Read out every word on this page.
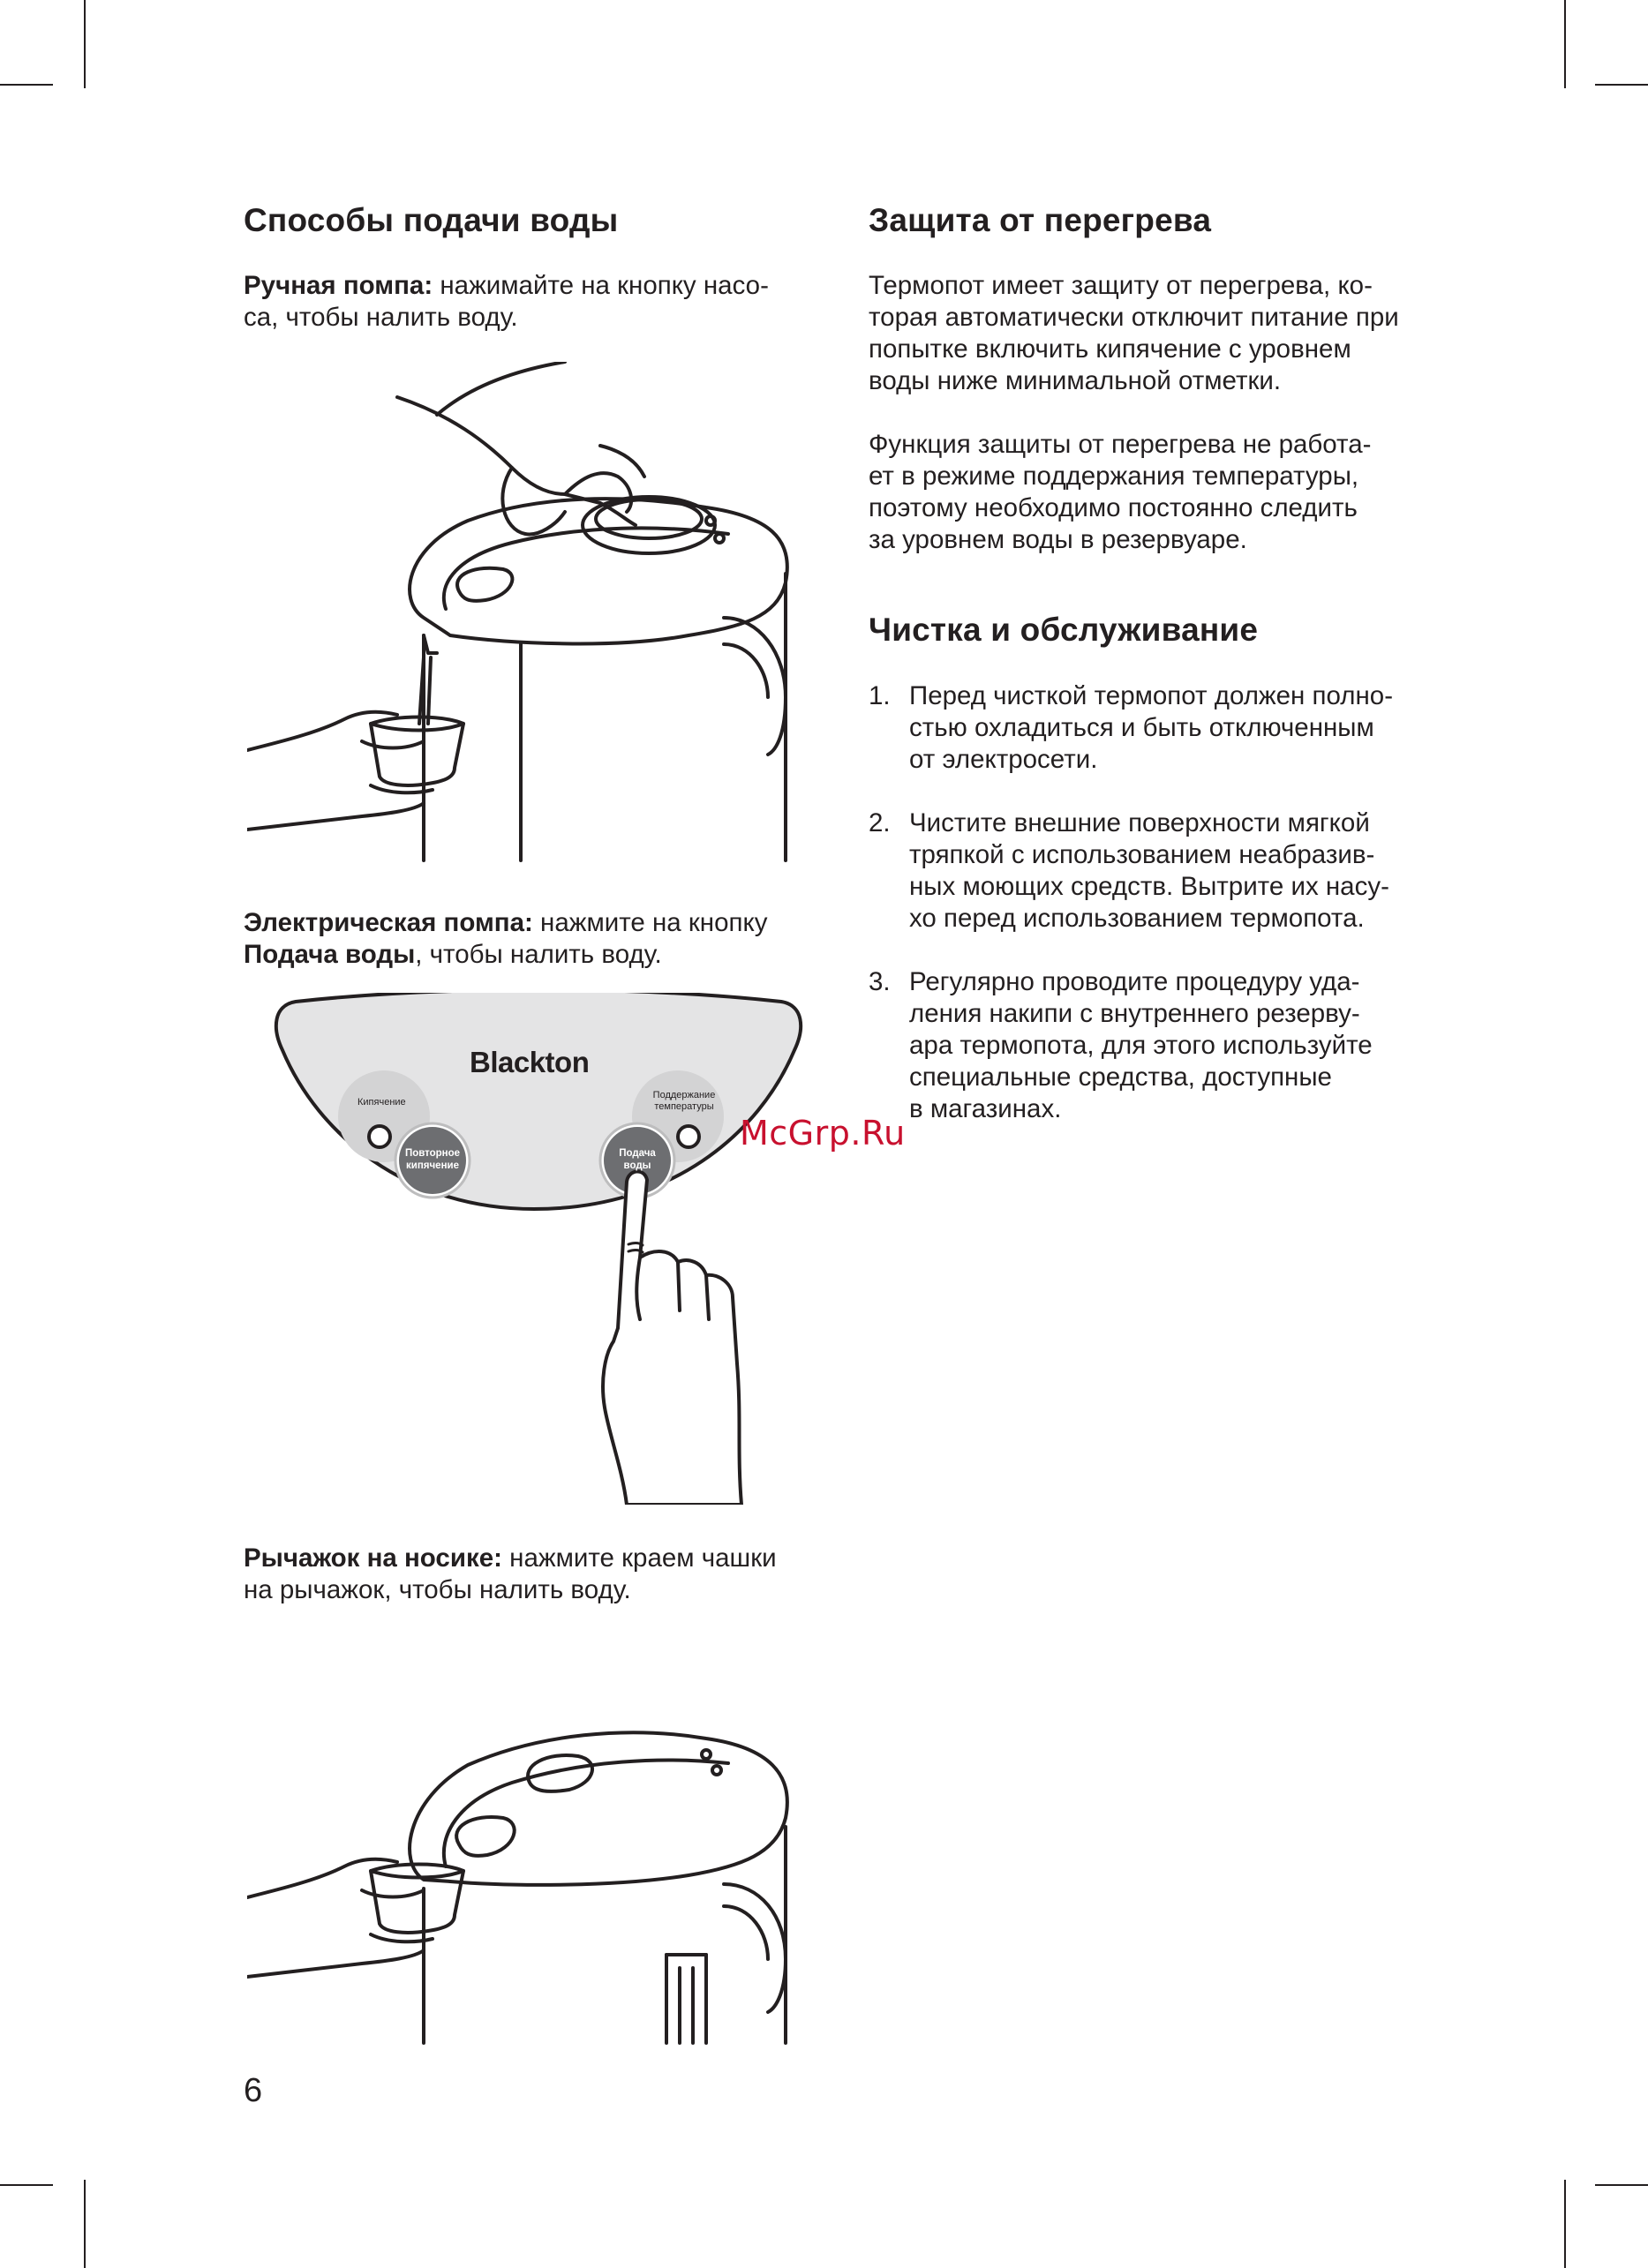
Способы подачи воды

Ручная помпа: нажимайте на кнопку насо-
са, чтобы налить воду.

Электрическая помпа: нажмите на кнопку
Подача воды, чтобы налить воду.

Blackton
Кипячение
Поддержание
температуры
Повторное
кипячение
Подача
воды

Рычажок на носике: нажмите краем чашки
на рычажок, чтобы налить воду.

Защита от перегрева

Термопот имеет защиту от перегрева, ко-
торая автоматически отключит питание при
попытке включить кипячение с уровнем
воды ниже минимальной отметки.

Функция защиты от перегрева не работа-
ет в режиме поддержания температуры,
поэтому необходимо постоянно следить
за уровнем воды в резервуаре.

Чистка и обслуживание
1. Перед чисткой термопот должен полно-
стью охладиться и быть отключенным
от электросети.
2. Чистите внешние поверхности мягкой
тряпкой с использованием неабразив-
ных моющих средств. Вытрите их насу-
хо перед использованием термопота.
3. Регулярно проводите процедуру уда-
ления накипи с внутреннего резерву-
ара термопота, для этого используйте
специальные средства, доступные
в магазинах.
McGrp.Ru
6
